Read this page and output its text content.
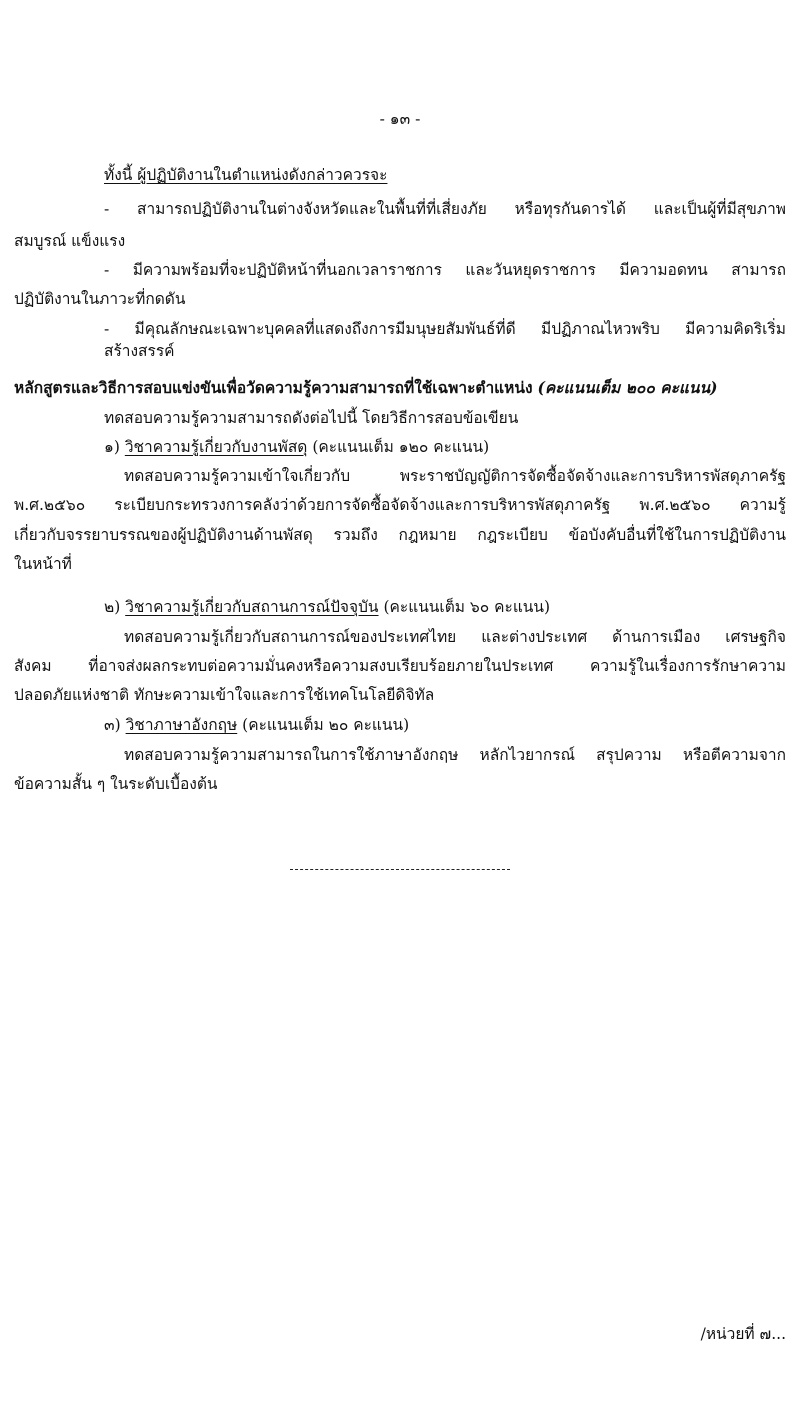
- ๑๓ -
ทั้งนี้ ผู้ปฏิบัติงานในตำแหน่งดังกล่าวควรจะ
- สามารถปฏิบัติงานในต่างจังหวัดและในพื้นที่ที่เสี่ยงภัย หรือทุรกันดารได้ และเป็นผู้ที่มีสุขภาพ
สมบูรณ์ แข็งแรง
- มีความพร้อมที่จะปฏิบัติหน้าที่นอกเวลาราชการ และวันหยุดราชการ มีความอดทน สามารถ
ปฏิบัติงานในภาวะที่กดดัน
- มีคุณลักษณะเฉพาะบุคคลที่แสดงถึงการมีมนุษยสัมพันธ์ที่ดี มีปฏิภาณไหวพริบ มีความคิดริเริ่มสร้างสรรค์
หลักสูตรและวิธีการสอบแข่งขันเพื่อวัดความรู้ความสามารถที่ใช้เฉพาะตำแหน่ง (คะแนนเต็ม ๒๐๐ คะแนน)
ทดสอบความรู้ความสามารถดังต่อไปนี้ โดยวิธีการสอบข้อเขียน
๑) วิชาความรู้เกี่ยวกับงานพัสดุ (คะแนนเต็ม ๑๒๐ คะแนน)
ทดสอบความรู้ความเข้าใจเกี่ยวกับ พระราชบัญญัติการจัดซื้อจัดจ้างและการบริหารพัสดุภาครัฐ
พ.ศ.๒๕๖๐ ระเบียบกระทรวงการคลังว่าด้วยการจัดซื้อจัดจ้างและการบริหารพัสดุภาครัฐ พ.ศ.๒๕๖๐ ความรู้
เกี่ยวกับจรรยาบรรณของผู้ปฏิบัติงานด้านพัสดุ รวมถึง กฎหมาย กฎระเบียบ ข้อบังคับอื่นที่ใช้ในการปฏิบัติงาน
ในหน้าที่
๒) วิชาความรู้เกี่ยวกับสถานการณ์ปัจจุบัน (คะแนนเต็ม ๖๐ คะแนน)
ทดสอบความรู้เกี่ยวกับสถานการณ์ของประเทศไทย และต่างประเทศ ด้านการเมือง เศรษฐกิจ
สังคม ที่อาจส่งผลกระทบต่อความมั่นคงหรือความสงบเรียบร้อยภายในประเทศ ความรู้ในเรื่องการรักษาความ
ปลอดภัยแห่งชาติ ทักษะความเข้าใจและการใช้เทคโนโลยีดิจิทัล
๓) วิชาภาษาอังกฤษ (คะแนนเต็ม ๒๐ คะแนน)
ทดสอบความรู้ความสามารถในการใช้ภาษาอังกฤษ หลักไวยากรณ์ สรุปความ หรือตีความจาก
ข้อความสั้น ๆ ในระดับเบื้องต้น
/หน่วยที่ ๗...
